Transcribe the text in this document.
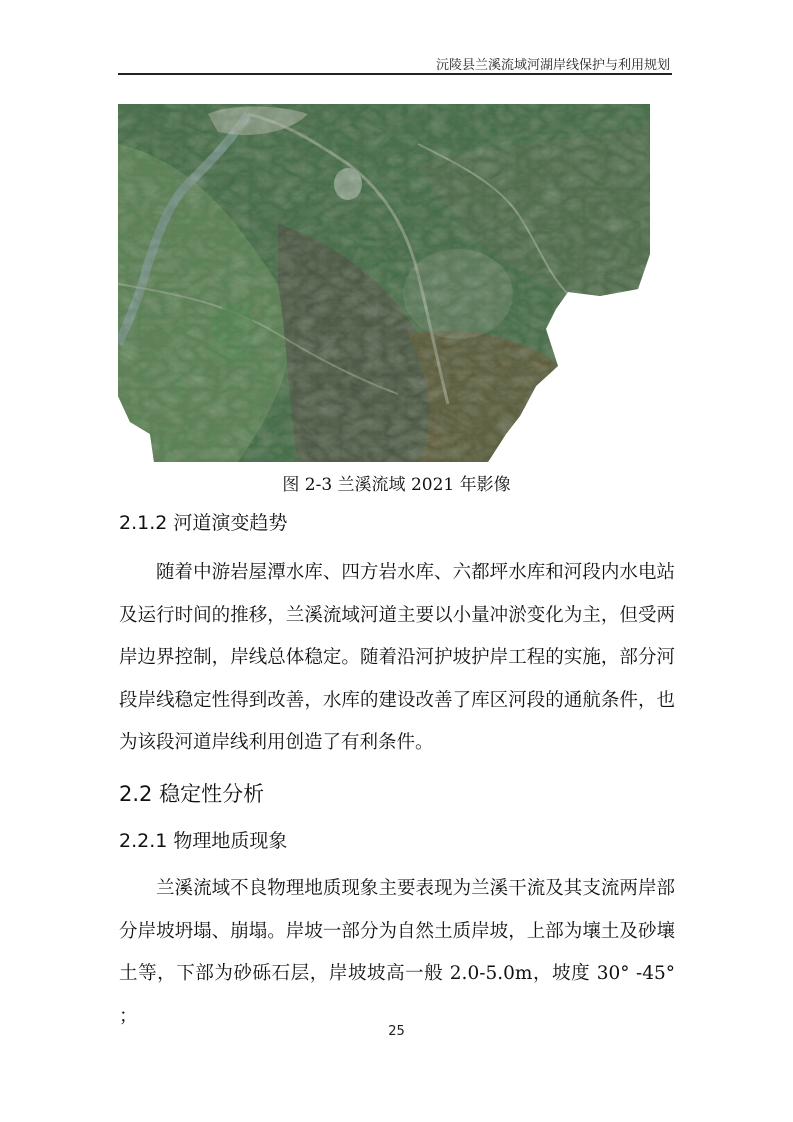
沅陵县兰溪流域河湖岸线保护与利用规划
图 2-3 兰溪流域 2021 年影像
2.1.2 河道演变趋势

随着中游岩屋潭水库、四方岩水库、六都坪水库和河段内水电站及运行时间的推移，兰溪流域河道主要以小量冲淤变化为主，但受两岸边界控制，岸线总体稳定。随着沿河护坡护岸工程的实施，部分河段岸线稳定性得到改善，水库的建设改善了库区河段的通航条件，也为该段河道岸线利用创造了有利条件。

2.2 稳定性分析
2.2.1 物理地质现象

兰溪流域不良物理地质现象主要表现为兰溪干流及其支流两岸部分岸坡坍塌、崩塌。岸坡一部分为自然土质岸坡，上部为壤土及砂壤土等，下部为砂砾石层，岸坡坡高一般 2.0-5.0m，坡度 30° -45° ；

25
